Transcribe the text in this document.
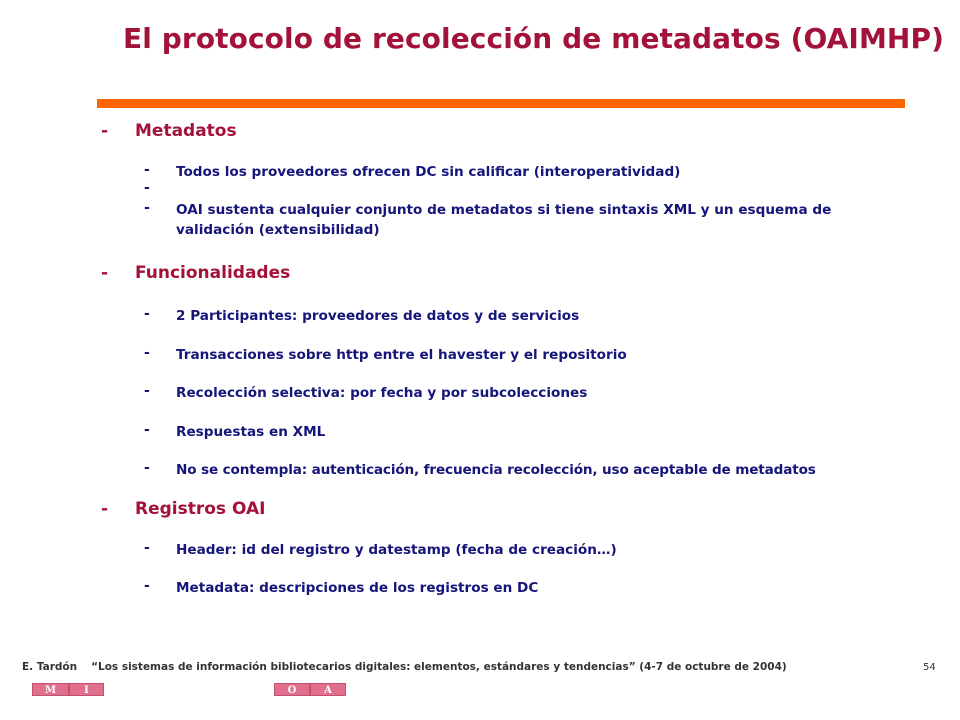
El protocolo de recolección de metadatos (OAIMHP)
- Metadatos
- Todos los proveedores ofrecen DC sin calificar (interoperatividad)
-
- OAI sustenta cualquier conjunto de metadatos si tiene sintaxis XML y un esquema de validación (extensibilidad)
- Funcionalidades
- 2 Participantes: proveedores de datos y de servicios
- Transacciones sobre http entre el havester y el repositorio
- Recolección selectiva: por fecha y por subcolecciones
- Respuestas en XML
- No se contempla: autenticación, frecuencia recolección, uso aceptable de metadatos
- Registros OAI
- Header: id del registro y datestamp (fecha de creación…)
- Metadata: descripciones de los registros en DC
E. Tardón “Los sistemas de información bibliotecarios digitales: elementos, estándares y tendencias” (4-7 de octubre de 2004)	54
M	I	O	A
